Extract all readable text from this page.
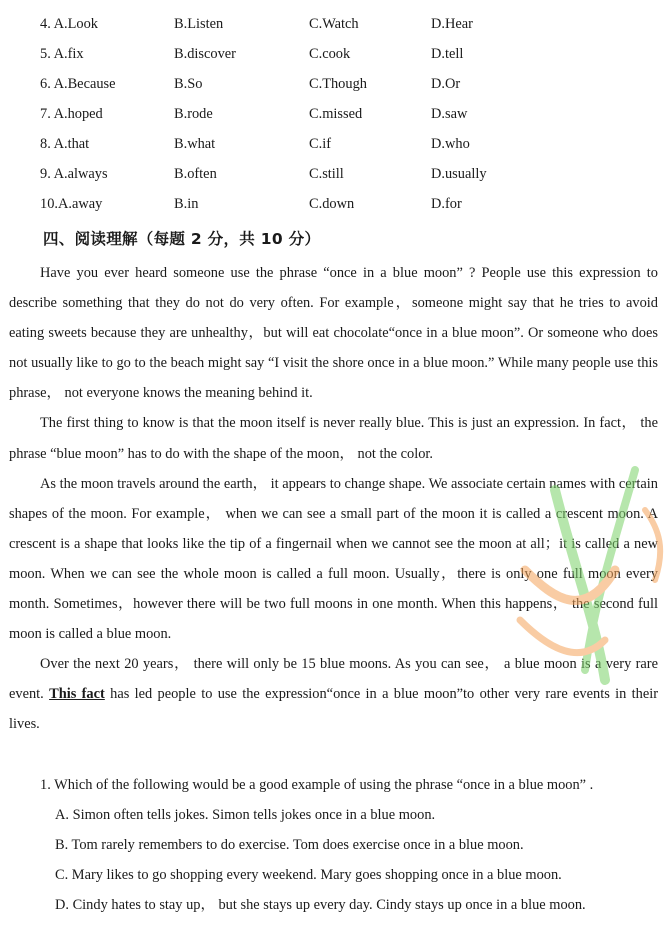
4. A.Look	B.Listen	C.Watch	D.Hear
5. A.fix	B.discover	C.cook	D.tell
6. A.Because	B.So	C.Though	D.Or
7. A.hoped	B.rode	C.missed	D.saw
8. A.that	B.what	C.if	D.who
9. A.always	B.often	C.still	D.usually
10.A.away	B.in	C.down	D.for
四、阅读理解（每题 2 分，共 10 分）

Have you ever heard someone use the phrase “once in a blue moon” ? People use this expression to describe something that they do not do very often. For example，someone might say that he tries to avoid eating sweets because they are unhealthy，but will eat chocolate“once in a blue moon”. Or someone who does not usually like to go to the beach might say “I visit the shore once in a blue moon.” While many people use this phrase， not everyone knows the meaning behind it.

The first thing to know is that the moon itself is never really blue. This is just an expression. In fact， the phrase “blue moon” has to do with the shape of the moon， not the color.

As the moon travels around the earth， it appears to change shape. We associate certain names with certain shapes of the moon. For example， when we can see a small part of the moon it is called a crescent moon. A crescent is a shape that looks like the tip of a fingernail when we cannot see the moon at all；it is called a new moon. When we can see the whole moon is called a full moon. Usually，there is only one full moon every month. Sometimes，however there will be two full moons in one month. When this happens， the second full moon is called a blue moon.

Over the next 20 years， there will only be 15 blue moons. As you can see， a blue moon is a very rare event. This fact has led people to use the expression“once in a blue moon”to other very rare events in their lives.

1. Which of the following would be a good example of using the phrase “once in a blue moon” .
A. Simon often tells jokes. Simon tells jokes once in a blue moon.
B. Tom rarely remembers to do exercise. Tom does exercise once in a blue moon.
C. Mary likes to go shopping every weekend. Mary goes shopping once in a blue moon.
D. Cindy hates to stay up， but she stays up every day. Cindy stays up once in a blue moon.
